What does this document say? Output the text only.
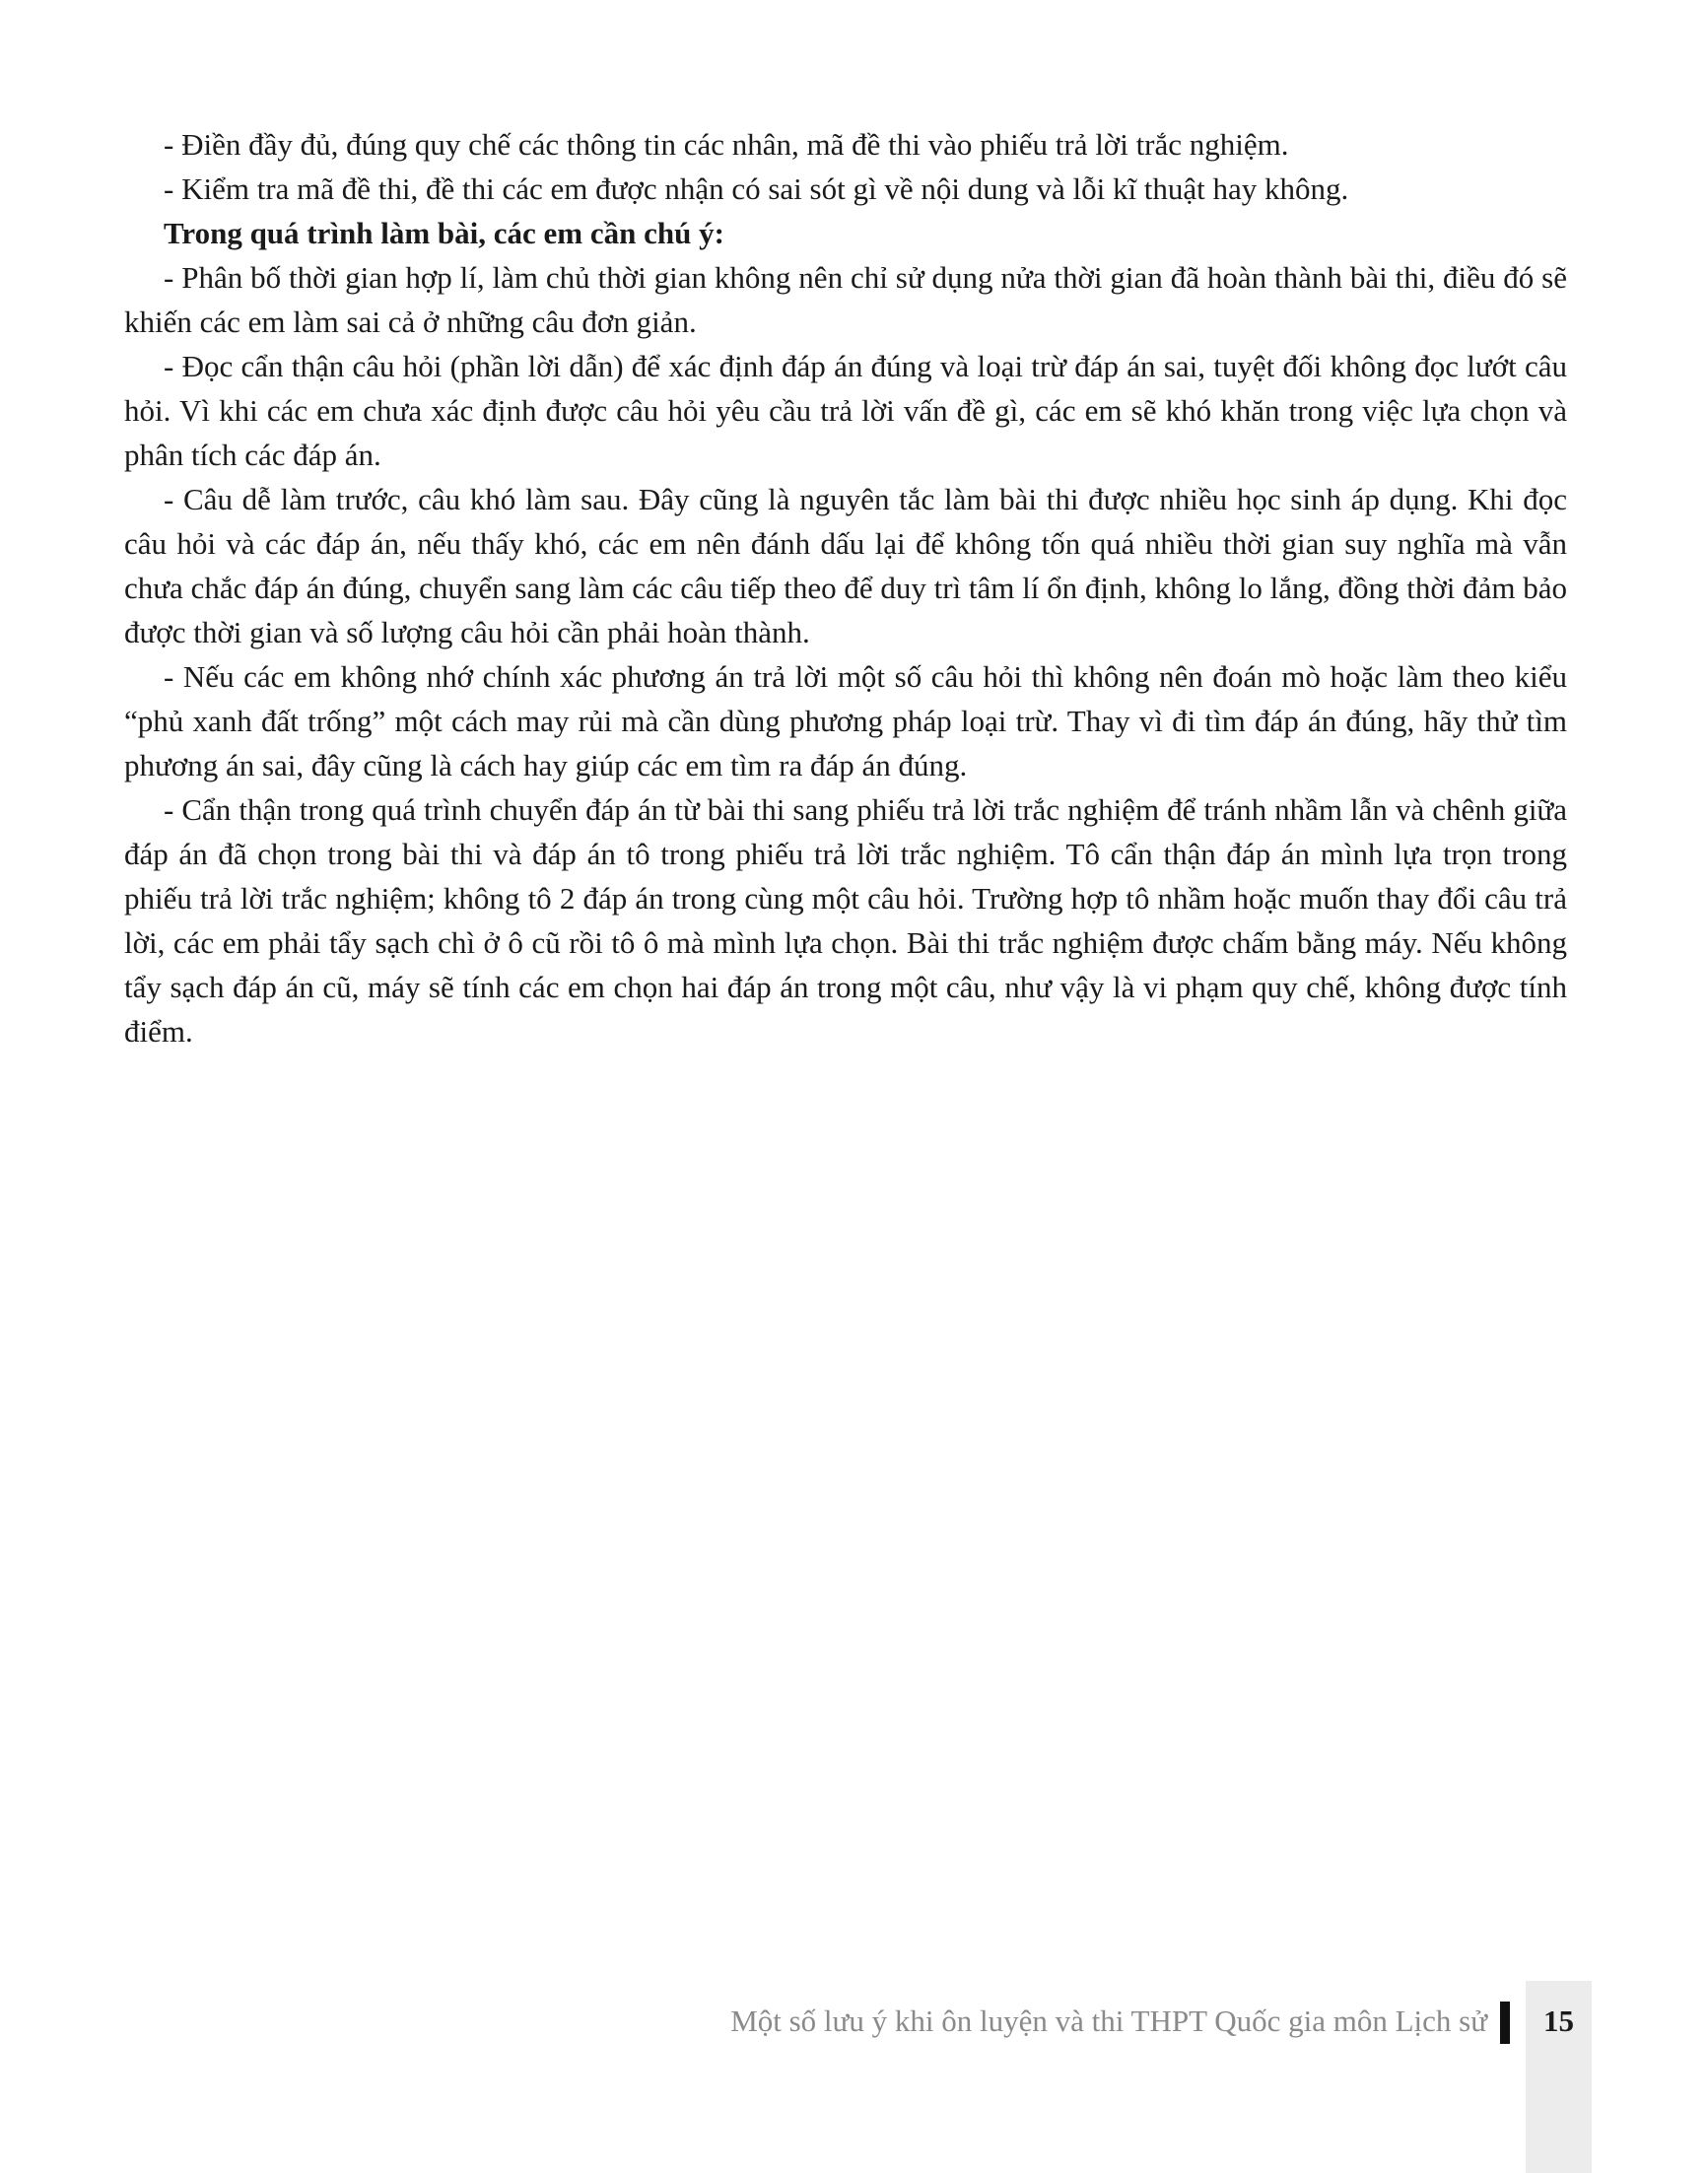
- Điền đầy đủ, đúng quy chế các thông tin các nhân, mã đề thi vào phiếu trả lời trắc nghiệm.

- Kiểm tra mã đề thi, đề thi các em được nhận có sai sót gì về nội dung và lỗi kĩ thuật hay không.

Trong quá trình làm bài, các em cần chú ý:

- Phân bố thời gian hợp lí, làm chủ thời gian không nên chỉ sử dụng nửa thời gian đã hoàn thành bài thi, điều đó sẽ khiến các em làm sai cả ở những câu đơn giản.

- Đọc cẩn thận câu hỏi (phần lời dẫn) để xác định đáp án đúng và loại trừ đáp án sai, tuyệt đối không đọc lướt câu hỏi. Vì khi các em chưa xác định được câu hỏi yêu cầu trả lời vấn đề gì, các em sẽ khó khăn trong việc lựa chọn và phân tích các đáp án.

- Câu dễ làm trước, câu khó làm sau. Đây cũng là nguyên tắc làm bài thi được nhiều học sinh áp dụng. Khi đọc câu hỏi và các đáp án, nếu thấy khó, các em nên đánh dấu lại để không tốn quá nhiều thời gian suy nghĩa mà vẫn chưa chắc đáp án đúng, chuyển sang làm các câu tiếp theo để duy trì tâm lí ổn định, không lo lắng, đồng thời đảm bảo được thời gian và số lượng câu hỏi cần phải hoàn thành.

- Nếu các em không nhớ chính xác phương án trả lời một số câu hỏi thì không nên đoán mò hoặc làm theo kiểu “phủ xanh đất trống” một cách may rủi mà cần dùng phương pháp loại trừ. Thay vì đi tìm đáp án đúng, hãy thử tìm phương án sai, đây cũng là cách hay giúp các em tìm ra đáp án đúng.

- Cẩn thận trong quá trình chuyển đáp án từ bài thi sang phiếu trả lời trắc nghiệm để tránh nhầm lẫn và chênh giữa đáp án đã chọn trong bài thi và đáp án tô trong phiếu trả lời trắc nghiệm. Tô cẩn thận đáp án mình lựa trọn trong phiếu trả lời trắc nghiệm; không tô 2 đáp án trong cùng một câu hỏi. Trường hợp tô nhầm hoặc muốn thay đổi câu trả lời, các em phải tẩy sạch chì ở ô cũ rồi tô ô mà mình lựa chọn. Bài thi trắc nghiệm được chấm bằng máy. Nếu không tẩy sạch đáp án cũ, máy sẽ tính các em chọn hai đáp án trong một câu, như vậy là vi phạm quy chế, không được tính điểm.

Một số lưu ý khi ôn luyện và thi THPT Quốc gia môn Lịch sử	15
